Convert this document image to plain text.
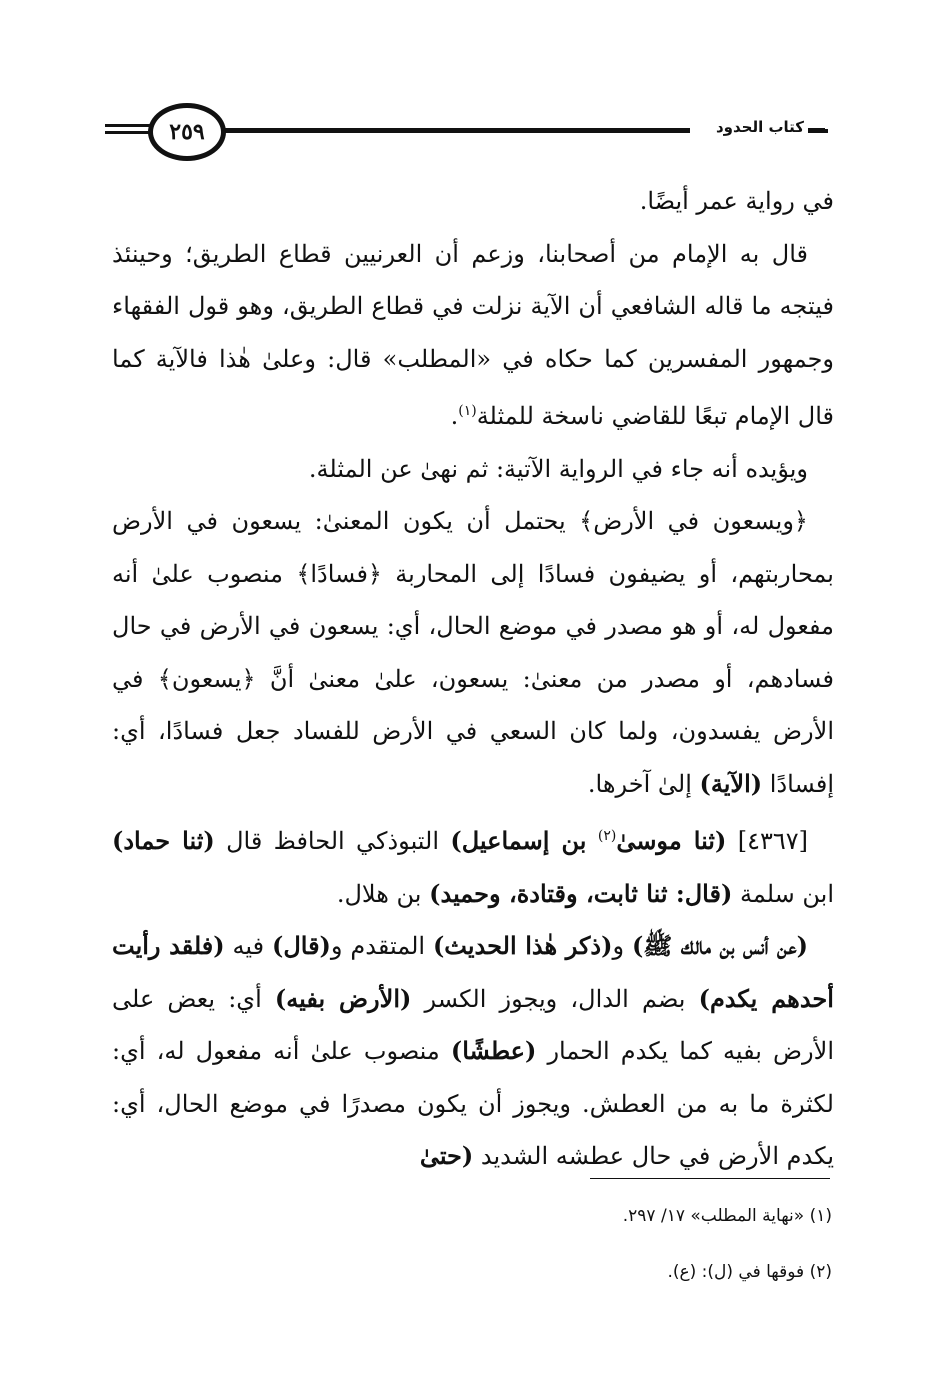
كتاب الحدود
٢٥٩

في رواية عمر أيضًا.

قال به الإمام من أصحابنا، وزعم أن العرنيين قطاع الطريق؛ وحينئذ فيتجه ما قاله الشافعي أن الآية نزلت في قطاع الطريق، وهو قول الفقهاء وجمهور المفسرين كما حكاه في «المطلب» قال: وعلىٰ هٰذا فالآية كما قال الإمام تبعًا للقاضي ناسخة للمثلة$^{(١)}$.

ويؤيده أنه جاء في الرواية الآتية: ثم نهىٰ عن المثلة.

﴿ويسعون في الأرض﴾ يحتمل أن يكون المعنىٰ: يسعون في الأرض بمحاربتهم، أو يضيفون فسادًا إلى المحاربة ﴿فسادًا﴾ منصوب علىٰ أنه مفعول له، أو هو مصدر في موضع الحال، أي: يسعون في الأرض في حال فسادهم، أو مصدر من معنىٰ: يسعون، علىٰ معنىٰ أنَّ ﴿يسعون﴾ في الأرض يفسدون، ولما كان السعي في الأرض للفساد جعل فسادًا، أي: إفسادًا (الآية) إلىٰ آخرها.

[٤٣٦٧] (ثنا موسىٰ$^{(٢)}$ بن إسماعيل) التبوذكي الحافظ قال (ثنا حماد) ابن سلمة (قال: ثنا ثابت، وقتادة، وحميد) بن هلال.

(عن أنس بن مالك ﷺ) و(ذكر هٰذا الحديث) المتقدم و(قال) فيه (فلقد رأيت أحدهم يكدم) بضم الدال، ويجوز الكسر (الأرض بفيه) أي: يعض على الأرض بفيه كما يكدم الحمار (عطشًا) منصوب علىٰ أنه مفعول له، أي: لكثرة ما به من العطش. ويجوز أن يكون مصدرًا في موضع الحال، أي: يكدم الأرض في حال عطشه الشديد (حتىٰ

(١) «نهاية المطلب» ١٧/ ٢٩٧.
(٢) فوقها في (ل): (ع).
